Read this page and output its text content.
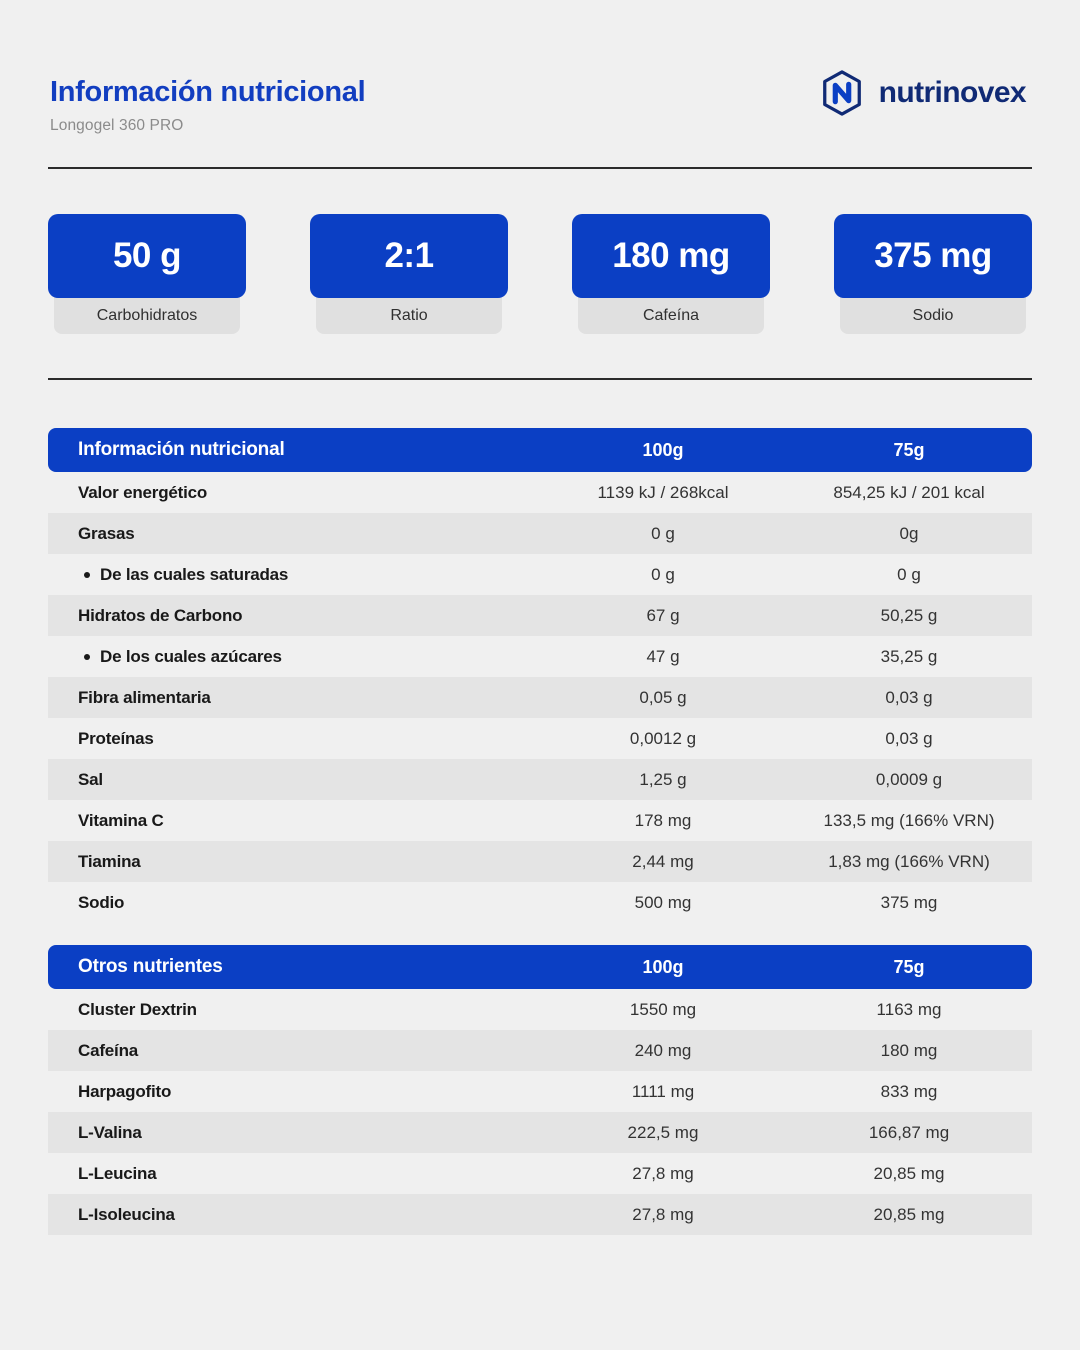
Información nutricional
Longogel 360 PRO
nutrinovex
50 g
Carbohidratos
2:1
Ratio
180 mg
Cafeína
375 mg
Sodio
Información nutricional	100g	75g
Valor energético	1139 kJ / 268kcal	854,25 kJ / 201 kcal
Grasas	0 g	0g
De las cuales saturadas	0 g	0 g
Hidratos de Carbono	67 g	50,25 g
De los cuales azúcares	47 g	35,25 g
Fibra alimentaria	0,05 g	0,03 g
Proteínas	0,0012 g	0,03 g
Sal	1,25 g	0,0009 g
Vitamina C	178 mg	133,5 mg (166% VRN)
Tiamina	2,44 mg	1,83 mg (166% VRN)
Sodio	500 mg	375 mg
Otros nutrientes	100g	75g
Cluster Dextrin	1550 mg	1163 mg
Cafeína	240 mg	180 mg
Harpagofito	1111 mg	833 mg
L-Valina	222,5 mg	166,87 mg
L-Leucina	27,8 mg	20,85 mg
L-Isoleucina	27,8 mg	20,85 mg
